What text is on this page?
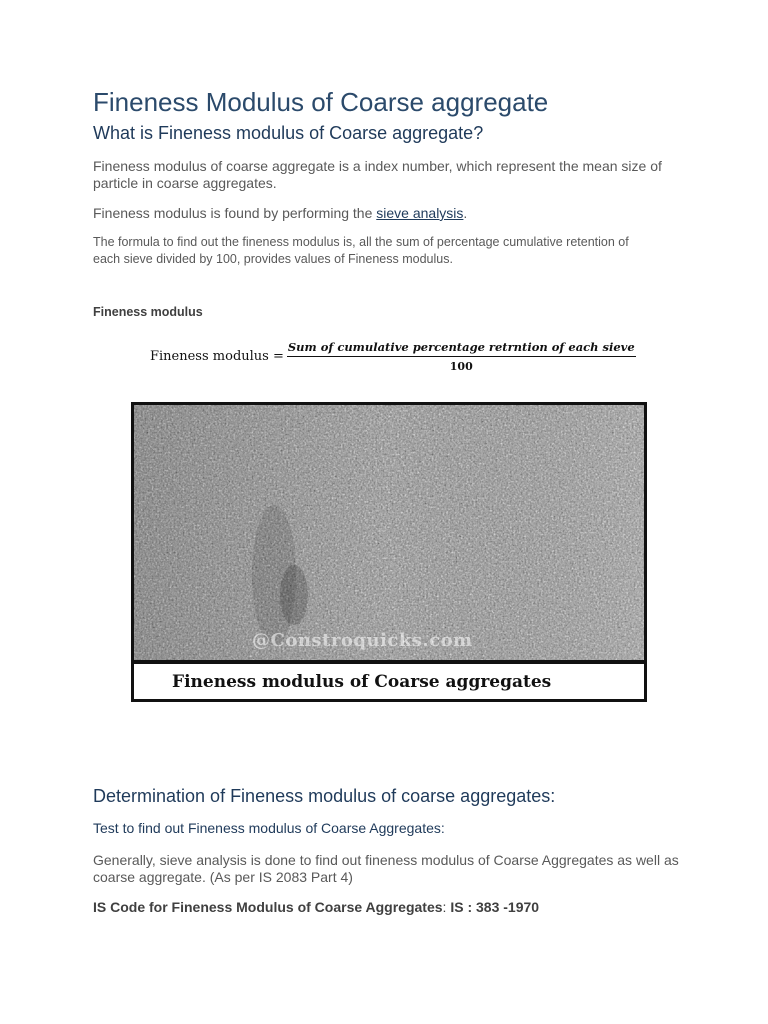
Fineness Modulus of Coarse aggregate
What is Fineness modulus of Coarse aggregate?

Fineness modulus of coarse aggregate is a index number, which represent the mean size of particle in coarse aggregates.

Fineness modulus is found by performing the sieve analysis.

The formula to find out the fineness modulus is, all the sum of percentage cumulative retention of each sieve divided by 100, provides values of Fineness modulus.

Fineness modulus
Fineness modulus = $\frac{\text{Sum of cumulative percentage retrntion of each sieve}}{100}$
@Constroquicks.com
Fineness modulus of Coarse aggregates
Determination of Fineness modulus of coarse aggregates:

Test to find out Fineness modulus of Coarse Aggregates:

Generally, sieve analysis is done to find out fineness modulus of Coarse Aggregates as well as coarse aggregate. (As per IS 2083 Part 4)

IS Code for Fineness Modulus of Coarse Aggregates: IS : 383 -1970
